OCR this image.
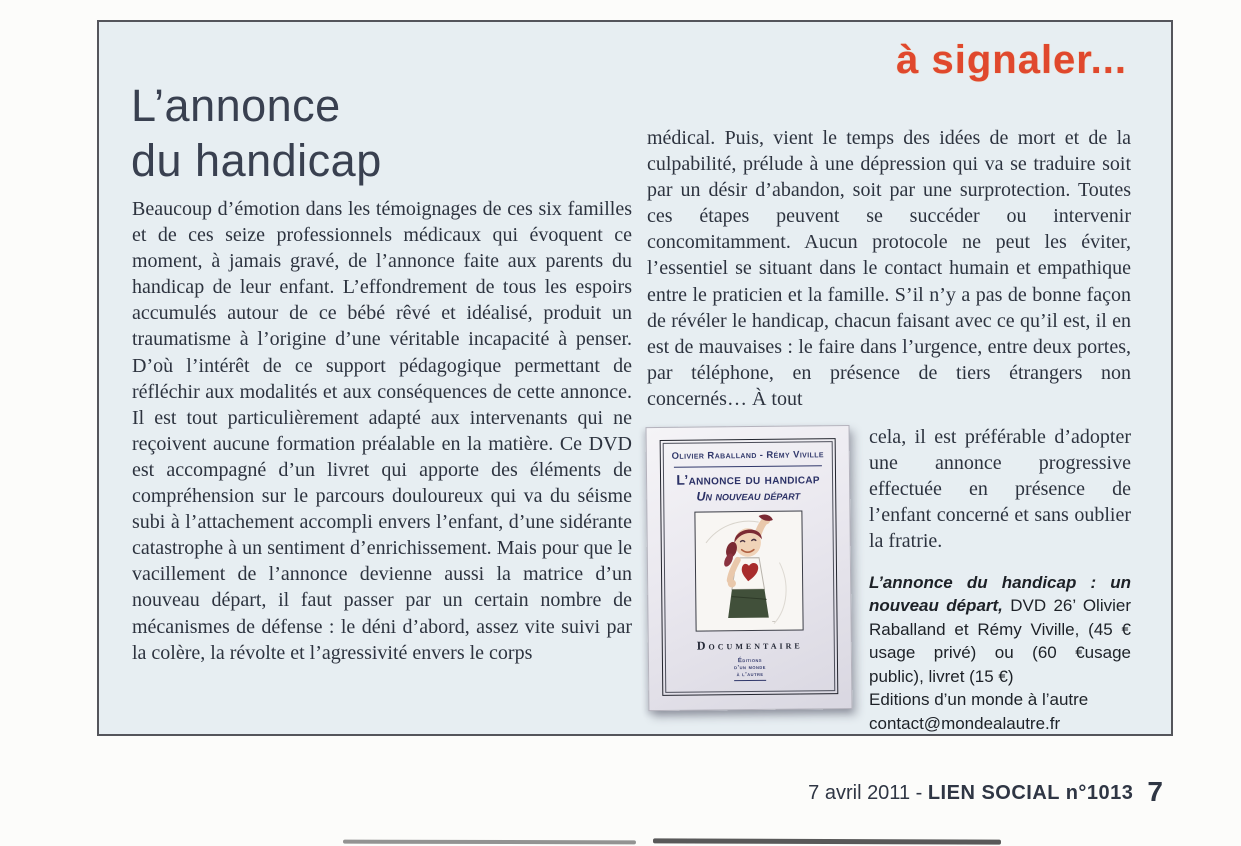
à signaler...
L’annonce
du handicap

Beaucoup d’émotion dans les témoignages de ces six familles et de ces seize professionnels médicaux qui évoquent ce moment, à jamais gravé, de l’annonce faite aux parents du handicap de leur enfant. L’effondrement de tous les espoirs accumulés autour de ce bébé rêvé et idéalisé, produit un traumatisme à l’origine d’une véritable incapacité à penser. D’où l’intérêt de ce support pédagogique permettant de réfléchir aux modalités et aux conséquences de cette annonce. Il est tout particulièrement adapté aux intervenants qui ne reçoivent aucune formation préalable en la matière. Ce DVD est accompagné d’un livret qui apporte des éléments de compréhension sur le parcours douloureux qui va du séisme subi à l’attachement accompli envers l’enfant, d’une sidérante catastrophe à un sentiment d’enrichissement. Mais pour que le vacillement de l’annonce devienne aussi la matrice d’un nouveau départ, il faut passer par un certain nombre de mécanismes de défense : le déni d’abord, assez vite suivi par la colère, la révolte et l’agressivité envers le corps

médical. Puis, vient le temps des idées de mort et de la culpabilité, prélude à une dépression qui va se traduire soit par un désir d’abandon, soit par une surprotection. Toutes ces étapes peuvent se succéder ou intervenir concomitamment. Aucun protocole ne peut les éviter, l’essentiel se situant dans le contact humain et empathique entre le praticien et la famille. S’il n’y a pas de bonne façon de révéler le handicap, chacun faisant avec ce qu’il est, il en est de mauvaises : le faire dans l’urgence, entre deux portes, par téléphone, en présence de tiers étrangers non concernés… À tout

Olivier Raballand - Rémy Viville
L’annonce du handicap
Un nouveau départ
~
Documentaire
Éditions
d’un monde
à l’autre

cela, il est préférable d’adopter une annonce progressive effectuée en présence de l’enfant concerné et sans oublier la fratrie.

L’annonce du handicap : un nouveau départ, DVD 26’ Olivier Raballand et Rémy Viville, (45 € usage privé) ou (60 €usage public), livret (15 €)
Editions d’un monde à l’autre
contact@mondealautre.fr
7 avril 2011 - LIEN SOCIAL n°1013 7
